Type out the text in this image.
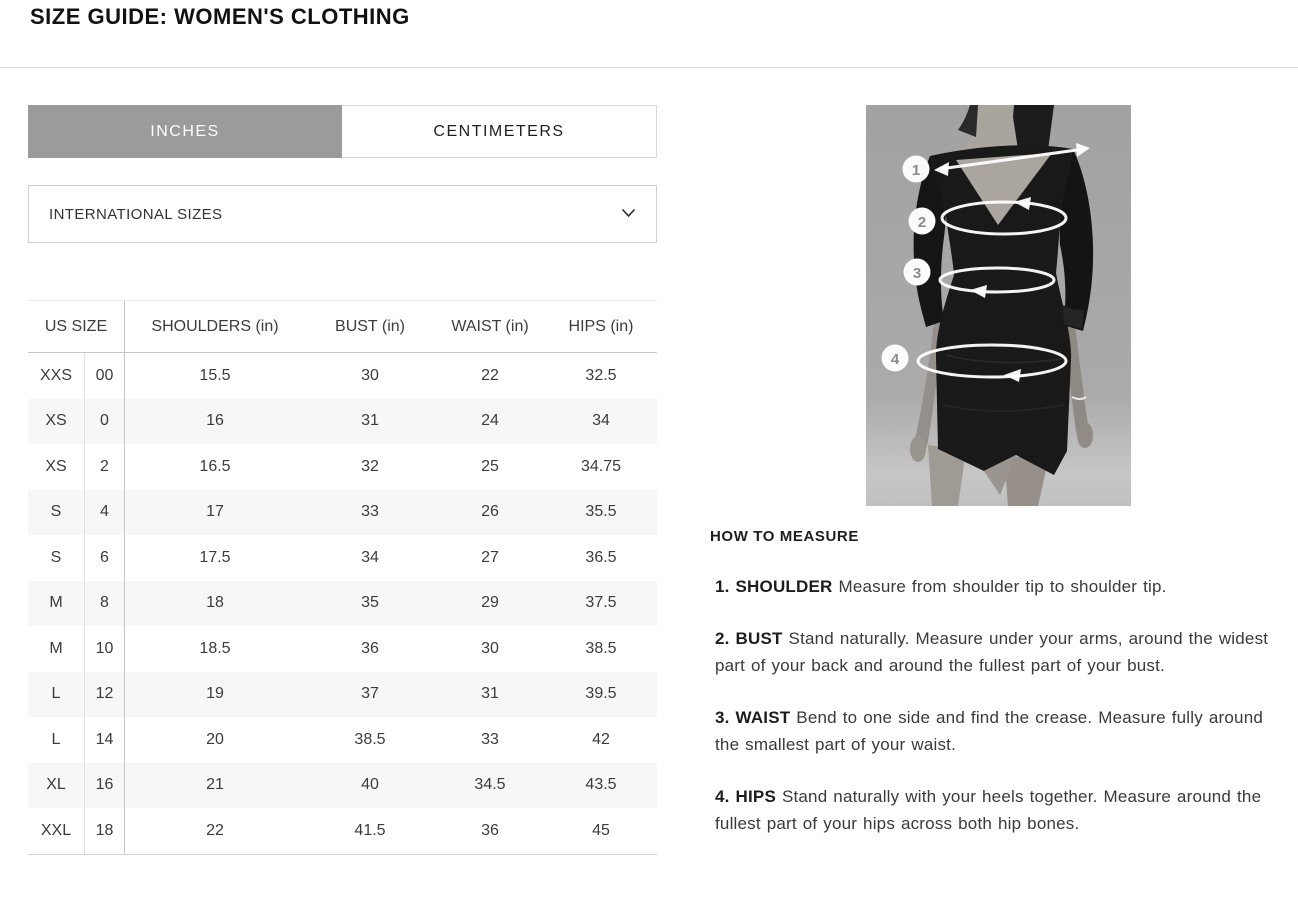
SIZE GUIDE: WOMEN'S CLOTHING
INCHES	CENTIMETERS
INTERNATIONAL SIZES
US SIZE	SHOULDERS (in)	BUST (in)	WAIST (in)	HIPS (in)
XXS	00	15.5	30	22	32.5
XS	0	16	31	24	34
XS	2	16.5	32	25	34.75
S	4	17	33	26	35.5
S	6	17.5	34	27	36.5
M	8	18	35	29	37.5
M	10	18.5	36	30	38.5
L	12	19	37	31	39.5
L	14	20	38.5	33	42
XL	16	21	40	34.5	43.5
XXL	18	22	41.5	36	45
1
2
3
4
HOW TO MEASURE

1. SHOULDER Measure from shoulder tip to shoulder tip.

2. BUST Stand naturally. Measure under your arms, around the widest part of your back and around the fullest part of your bust.

3. WAIST Bend to one side and find the crease. Measure fully around the smallest part of your waist.

4. HIPS Stand naturally with your heels together. Measure around the fullest part of your hips across both hip bones.
